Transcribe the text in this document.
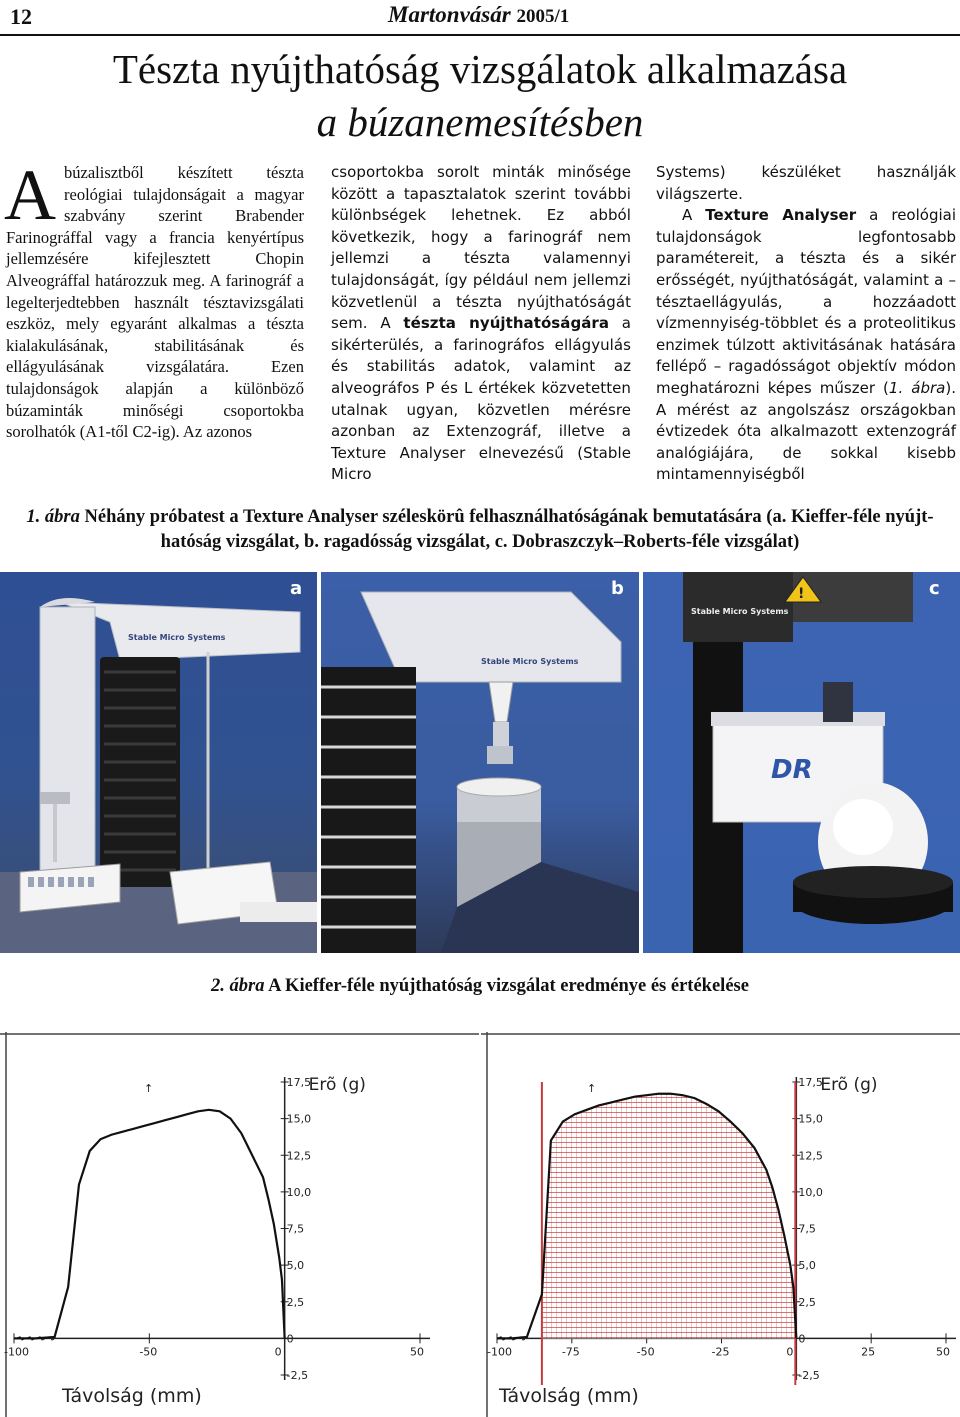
12	Martonvásár 2005/1
Tészta nyújthatóság vizsgálatok alkalmazása
a búzanemesítésben
Abúzalisztből készített tészta reológiai tulajdonságait a magyar szabvány szerint Brabender Farinográffal vagy a francia kenyértípus jellemzésére kifejlesztett Chopin Alveográffal határozzuk meg. A farinográf a legelterjedtebben használt tésztavizsgálati eszköz, mely egyaránt alkalmas a tészta kialakulásának, stabilitásának és ellágyulásának vizsgálatára. Ezen tulajdonságok alapján a különböző búzaminták minőségi csoportokba sorolhatók (A1-től C2-ig). Az azonos
csoportokba sorolt minták minősége között a tapasztalatok szerint további különbségek lehetnek. Ez abból következik, hogy a farinográf nem jellemzi a tészta valamennyi tulajdonságát, így például nem jellemzi közvetlenül a tészta nyújthatóságát sem. A tészta nyújthatóságára a sikérterülés, a farinográfos ellágyulás és stabilitás adatok, valamint az alveográfos P és L értékek közvetetten utalnak ugyan, közvetlen mérésre azonban az Extenzográf, illetve a Texture Analyser elnevezésű (Stable Micro

Systems) készüléket használják világszerte.

A Texture Analyser a reológiai tulajdonságok legfontosabb paramétereit, a tészta és a sikér erősségét, nyújthatóságát, valamint a – tésztaellágyulás, a hozzáadott vízmennyiség-többlet és a proteolitikus enzimek túlzott aktivitásának hatására fellépő – ragadósságot objektív módon meghatározni képes műszer (1. ábra). A mérést az angolszász országokban évtizedek óta alkalmazott extenzográf analógiájára, de sokkal kisebb mintamennyiségből

1. ábra Néhány próbatest a Texture Analyser széleskörû felhasználhatóságának bemutatására (a. Kieffer-féle nyújt-
hatóság vizsgálat, b. ragadósság vizsgálat, c. Dobraszczyk–Roberts-féle vizsgálat)
Stable Micro Systems
a
Stable Micro Systems
b	!
Stable Micro Systems
DR
c
2. ábra A Kieffer-féle nyújthatóság vizsgálat eredménye és értékelése
17,5
15,0
12,5
10,0
7,5
5,0
2,5
0
-2,5
-100	-50	0	50
Erõ (g)
Távolság (mm)
↑	17,5
15,0
12,5
10,0
7,5
5,0
2,5
0
-2,5
-100	-75	-50	-25	0	25	50
Erõ (g)
Távolság (mm)
↑
